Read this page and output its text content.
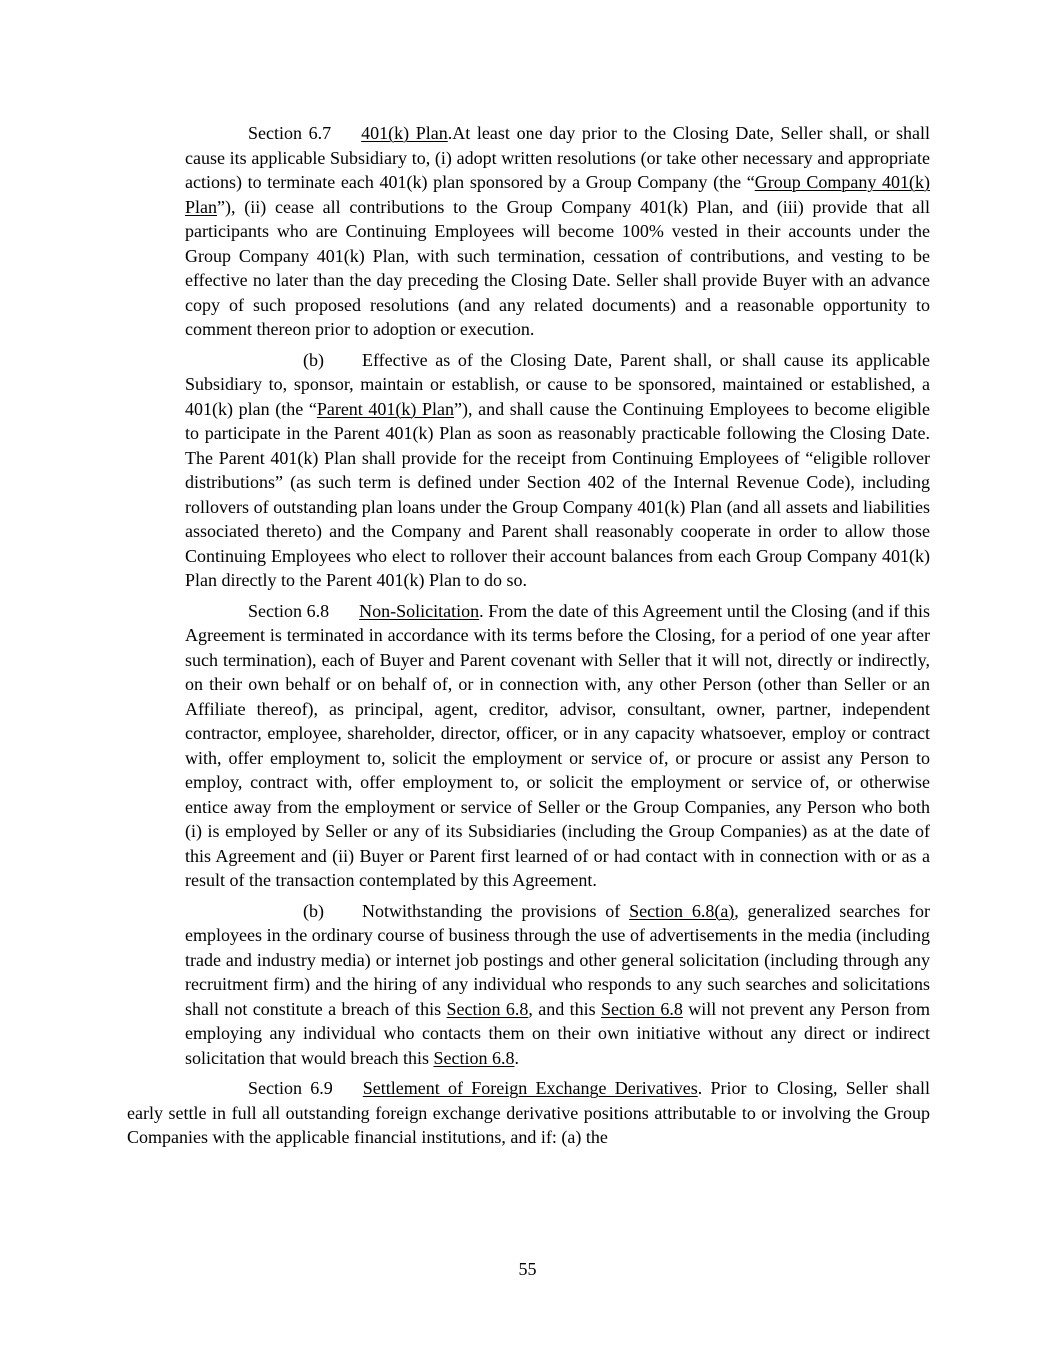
Section 6.7 401(k) Plan.At least one day prior to the Closing Date, Seller shall, or shall cause its applicable Subsidiary to, (i) adopt written resolutions (or take other necessary and appropriate actions) to terminate each 401(k) plan sponsored by a Group Company (the “Group Company 401(k) Plan”), (ii) cease all contributions to the Group Company 401(k) Plan, and (iii) provide that all participants who are Continuing Employees will become 100% vested in their accounts under the Group Company 401(k) Plan, with such termination, cessation of contributions, and vesting to be effective no later than the day preceding the Closing Date. Seller shall provide Buyer with an advance copy of such proposed resolutions (and any related documents) and a reasonable opportunity to comment thereon prior to adoption or execution.

(b) Effective as of the Closing Date, Parent shall, or shall cause its applicable Subsidiary to, sponsor, maintain or establish, or cause to be sponsored, maintained or established, a 401(k) plan (the “Parent 401(k) Plan”), and shall cause the Continuing Employees to become eligible to participate in the Parent 401(k) Plan as soon as reasonably practicable following the Closing Date. The Parent 401(k) Plan shall provide for the receipt from Continuing Employees of “eligible rollover distributions” (as such term is defined under Section 402 of the Internal Revenue Code), including rollovers of outstanding plan loans under the Group Company 401(k) Plan (and all assets and liabilities associated thereto) and the Company and Parent shall reasonably cooperate in order to allow those Continuing Employees who elect to rollover their account balances from each Group Company 401(k) Plan directly to the Parent 401(k) Plan to do so.

Section 6.8 Non-Solicitation. From the date of this Agreement until the Closing (and if this Agreement is terminated in accordance with its terms before the Closing, for a period of one year after such termination), each of Buyer and Parent covenant with Seller that it will not, directly or indirectly, on their own behalf or on behalf of, or in connection with, any other Person (other than Seller or an Affiliate thereof), as principal, agent, creditor, advisor, consultant, owner, partner, independent contractor, employee, shareholder, director, officer, or in any capacity whatsoever, employ or contract with, offer employment to, solicit the employment or service of, or procure or assist any Person to employ, contract with, offer employment to, or solicit the employment or service of, or otherwise entice away from the employment or service of Seller or the Group Companies, any Person who both (i) is employed by Seller or any of its Subsidiaries (including the Group Companies) as at the date of this Agreement and (ii) Buyer or Parent first learned of or had contact with in connection with or as a result of the transaction contemplated by this Agreement.

(b) Notwithstanding the provisions of Section 6.8(a), generalized searches for employees in the ordinary course of business through the use of advertisements in the media (including trade and industry media) or internet job postings and other general solicitation (including through any recruitment firm) and the hiring of any individual who responds to any such searches and solicitations shall not constitute a breach of this Section 6.8, and this Section 6.8 will not prevent any Person from employing any individual who contacts them on their own initiative without any direct or indirect solicitation that would breach this Section 6.8.

Section 6.9 Settlement of Foreign Exchange Derivatives. Prior to Closing, Seller shall early settle in full all outstanding foreign exchange derivative positions attributable to or involving the Group Companies with the applicable financial institutions, and if: (a) the

55
